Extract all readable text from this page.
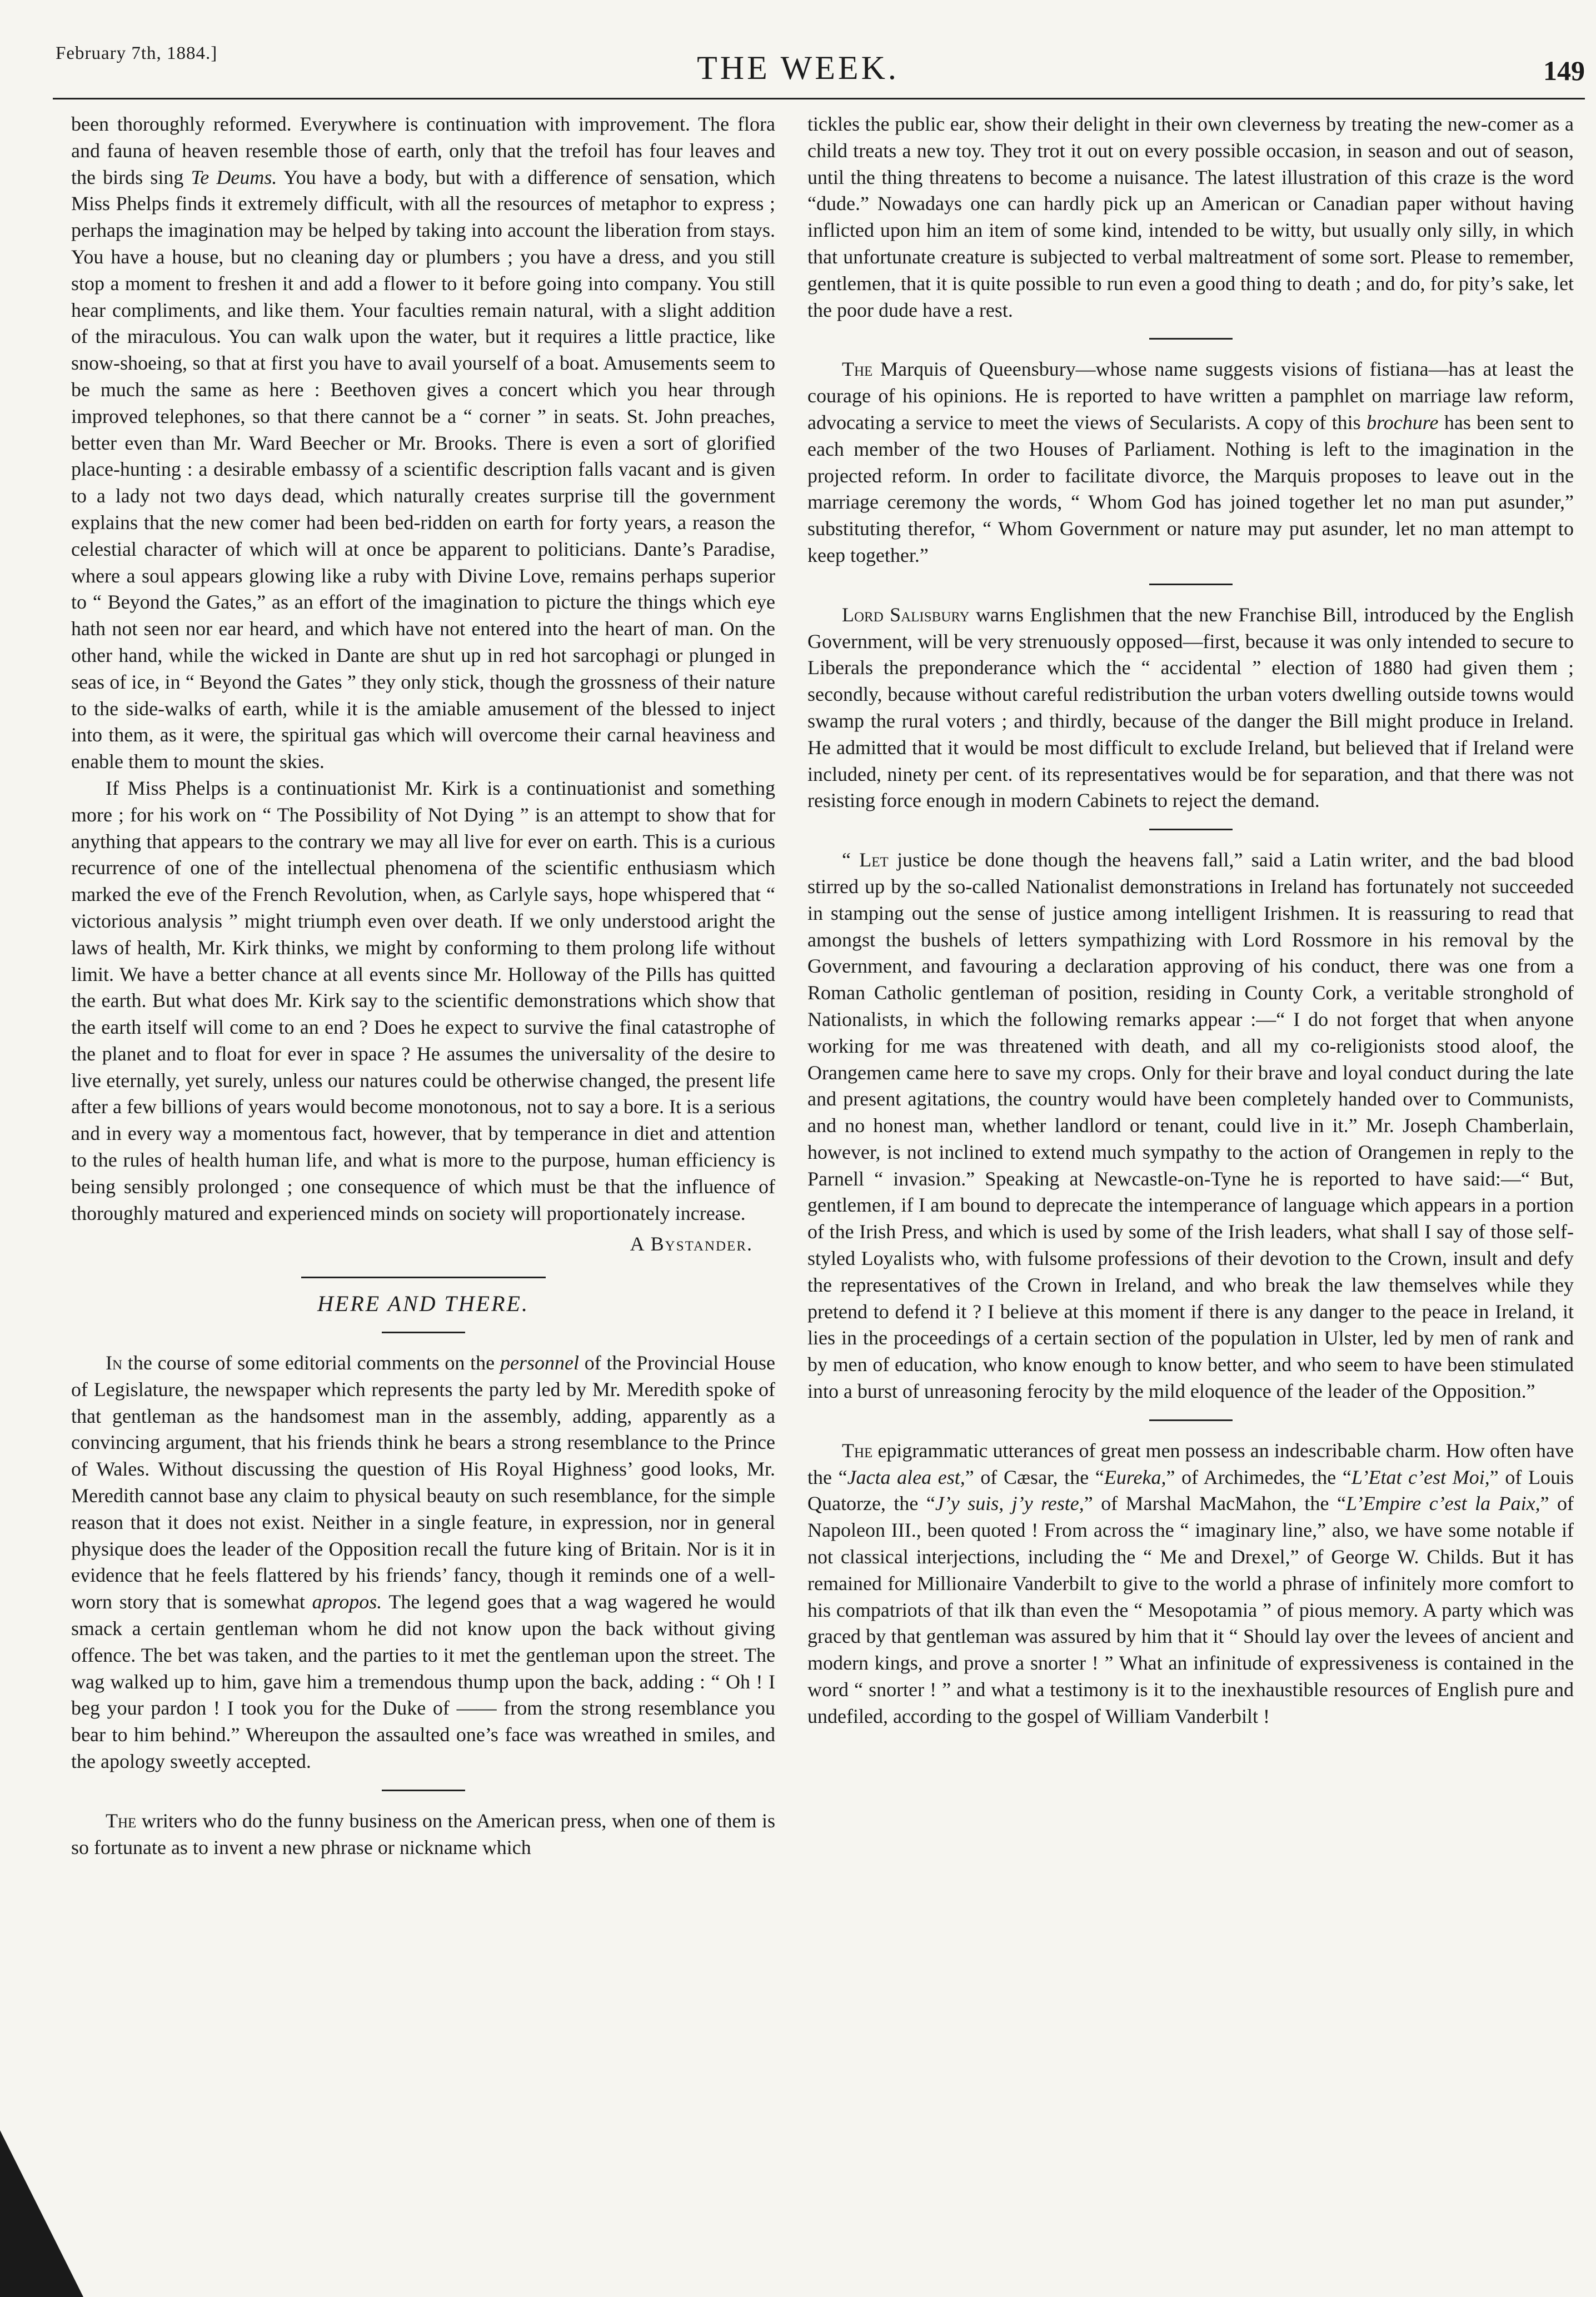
February 7th, 1884.]	THE WEEK.	149

been thoroughly reformed. Everywhere is continuation with improvement. The flora and fauna of heaven resemble those of earth, only that the trefoil has four leaves and the birds sing Te Deums. You have a body, but with a difference of sensation, which Miss Phelps finds it extremely difficult, with all the resources of metaphor to express ; perhaps the imagination may be helped by taking into account the liberation from stays. You have a house, but no cleaning day or plumbers ; you have a dress, and you still stop a moment to freshen it and add a flower to it before going into company. You still hear compliments, and like them. Your faculties remain natural, with a slight addition of the miraculous. You can walk upon the water, but it requires a little practice, like snow-shoeing, so that at first you have to avail yourself of a boat. Amusements seem to be much the same as here : Beethoven gives a concert which you hear through improved telephones, so that there cannot be a “ corner ” in seats. St. John preaches, better even than Mr. Ward Beecher or Mr. Brooks. There is even a sort of glorified place-hunting : a desirable embassy of a scientific description falls vacant and is given to a lady not two days dead, which naturally creates surprise till the government explains that the new comer had been bed-ridden on earth for forty years, a reason the celestial character of which will at once be apparent to politicians. Dante’s Paradise, where a soul appears glowing like a ruby with Divine Love, remains perhaps superior to “ Beyond the Gates,” as an effort of the imagination to picture the things which eye hath not seen nor ear heard, and which have not entered into the heart of man. On the other hand, while the wicked in Dante are shut up in red hot sarcophagi or plunged in seas of ice, in “ Beyond the Gates ” they only stick, though the grossness of their nature to the side-walks of earth, while it is the amiable amusement of the blessed to inject into them, as it were, the spiritual gas which will overcome their carnal heaviness and enable them to mount the skies.

If Miss Phelps is a continuationist Mr. Kirk is a continuationist and something more ; for his work on “ The Possibility of Not Dying ” is an attempt to show that for anything that appears to the contrary we may all live for ever on earth. This is a curious recurrence of one of the intellectual phenomena of the scientific enthusiasm which marked the eve of the French Revolution, when, as Carlyle says, hope whispered that “ victorious analysis ” might triumph even over death. If we only understood aright the laws of health, Mr. Kirk thinks, we might by conforming to them prolong life without limit. We have a better chance at all events since Mr. Holloway of the Pills has quitted the earth. But what does Mr. Kirk say to the scientific demonstrations which show that the earth itself will come to an end ? Does he expect to survive the final catastrophe of the planet and to float for ever in space ? He assumes the universality of the desire to live eternally, yet surely, unless our natures could be otherwise changed, the present life after a few billions of years would become monotonous, not to say a bore. It is a serious and in every way a momentous fact, however, that by temperance in diet and attention to the rules of health human life, and what is more to the purpose, human efficiency is being sensibly prolonged ; one consequence of which must be that the influence of thoroughly matured and experienced minds on society will proportionately increase.

A Bystander.
HERE AND THERE.

In the course of some editorial comments on the personnel of the Provincial House of Legislature, the newspaper which represents the party led by Mr. Meredith spoke of that gentleman as the handsomest man in the assembly, adding, apparently as a convincing argument, that his friends think he bears a strong resemblance to the Prince of Wales. Without discussing the question of His Royal Highness’ good looks, Mr. Meredith cannot base any claim to physical beauty on such resemblance, for the simple reason that it does not exist. Neither in a single feature, in expression, nor in general physique does the leader of the Opposition recall the future king of Britain. Nor is it in evidence that he feels flattered by his friends’ fancy, though it reminds one of a well-worn story that is somewhat apropos. The legend goes that a wag wagered he would smack a certain gentleman whom he did not know upon the back without giving offence. The bet was taken, and the parties to it met the gentleman upon the street. The wag walked up to him, gave him a tremendous thump upon the back, adding : “ Oh ! I beg your pardon ! I took you for the Duke of —— from the strong resemblance you bear to him behind.” Whereupon the assaulted one’s face was wreathed in smiles, and the apology sweetly accepted.

The writers who do the funny business on the American press, when one of them is so fortunate as to invent a new phrase or nickname which

tickles the public ear, show their delight in their own cleverness by treating the new-comer as a child treats a new toy. They trot it out on every possible occasion, in season and out of season, until the thing threatens to become a nuisance. The latest illustration of this craze is the word “dude.” Nowadays one can hardly pick up an American or Canadian paper without having inflicted upon him an item of some kind, intended to be witty, but usually only silly, in which that unfortunate creature is subjected to verbal maltreatment of some sort. Please to remember, gentlemen, that it is quite possible to run even a good thing to death ; and do, for pity’s sake, let the poor dude have a rest.

The Marquis of Queensbury—whose name suggests visions of fistiana—has at least the courage of his opinions. He is reported to have written a pamphlet on marriage law reform, advocating a service to meet the views of Secularists. A copy of this brochure has been sent to each member of the two Houses of Parliament. Nothing is left to the imagination in the projected reform. In order to facilitate divorce, the Marquis proposes to leave out in the marriage ceremony the words, “ Whom God has joined together let no man put asunder,” substituting therefor, “ Whom Government or nature may put asunder, let no man attempt to keep together.”

Lord Salisbury warns Englishmen that the new Franchise Bill, introduced by the English Government, will be very strenuously opposed—first, because it was only intended to secure to Liberals the preponderance which the “ accidental ” election of 1880 had given them ; secondly, because without careful redistribution the urban voters dwelling outside towns would swamp the rural voters ; and thirdly, because of the danger the Bill might produce in Ireland. He admitted that it would be most difficult to exclude Ireland, but believed that if Ireland were included, ninety per cent. of its representatives would be for separation, and that there was not resisting force enough in modern Cabinets to reject the demand.

“ Let justice be done though the heavens fall,” said a Latin writer, and the bad blood stirred up by the so-called Nationalist demonstrations in Ireland has fortunately not succeeded in stamping out the sense of justice among intelligent Irishmen. It is reassuring to read that amongst the bushels of letters sympathizing with Lord Rossmore in his removal by the Government, and favouring a declaration approving of his conduct, there was one from a Roman Catholic gentleman of position, residing in County Cork, a veritable stronghold of Nationalists, in which the following remarks appear :—“ I do not forget that when anyone working for me was threatened with death, and all my co-religionists stood aloof, the Orangemen came here to save my crops. Only for their brave and loyal conduct during the late and present agitations, the country would have been completely handed over to Communists, and no honest man, whether landlord or tenant, could live in it.” Mr. Joseph Chamberlain, however, is not inclined to extend much sympathy to the action of Orangemen in reply to the Parnell “ invasion.” Speaking at Newcastle-on-Tyne he is reported to have said:—“ But, gentlemen, if I am bound to deprecate the intemperance of language which appears in a portion of the Irish Press, and which is used by some of the Irish leaders, what shall I say of those self-styled Loyalists who, with fulsome professions of their devotion to the Crown, insult and defy the representatives of the Crown in Ireland, and who break the law themselves while they pretend to defend it ? I believe at this moment if there is any danger to the peace in Ireland, it lies in the proceedings of a certain section of the population in Ulster, led by men of rank and by men of education, who know enough to know better, and who seem to have been stimulated into a burst of unreasoning ferocity by the mild eloquence of the leader of the Opposition.”

The epigrammatic utterances of great men possess an indescribable charm. How often have the “Jacta alea est,” of Cæsar, the “Eureka,” of Archimedes, the “L’Etat c’est Moi,” of Louis Quatorze, the “J’y suis, j’y reste,” of Marshal MacMahon, the “L’Empire c’est la Paix,” of Napoleon III., been quoted ! From across the “ imaginary line,” also, we have some notable if not classical interjections, including the “ Me and Drexel,” of George W. Childs. But it has remained for Millionaire Vanderbilt to give to the world a phrase of infinitely more comfort to his compatriots of that ilk than even the “ Mesopotamia ” of pious memory. A party which was graced by that gentleman was assured by him that it “ Should lay over the levees of ancient and modern kings, and prove a snorter ! ” What an infinitude of expressiveness is contained in the word “ snorter ! ” and what a testimony is it to the inexhaustible resources of English pure and undefiled, according to the gospel of William Vanderbilt !
